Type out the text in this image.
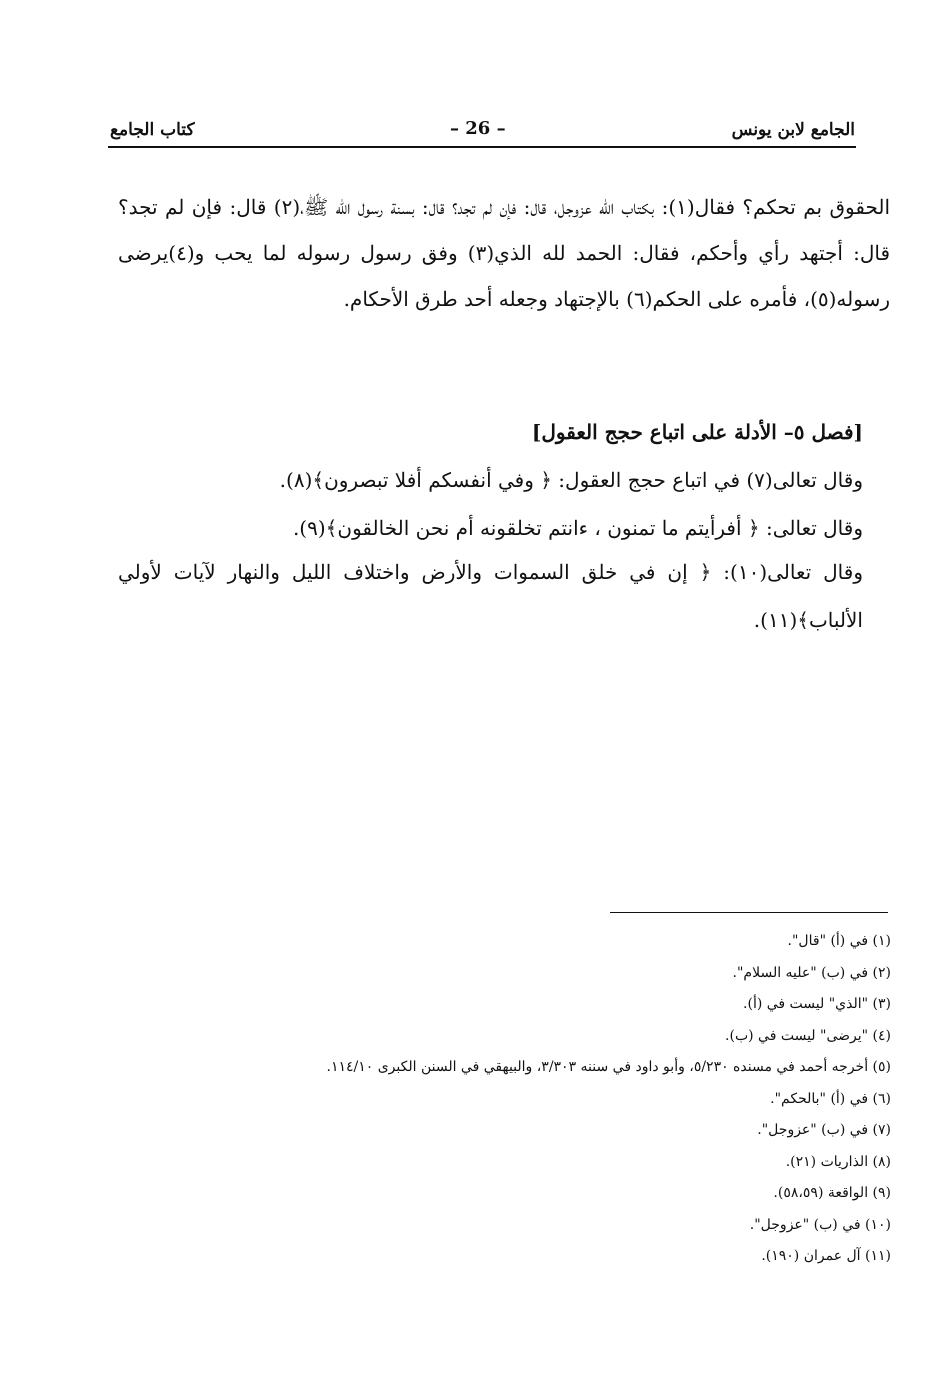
الجامع لابن يونس
– 26 –
كتاب الجامع

الحقوق بم تحكم؟ فقال(١): بكتاب الله عزوجل، قال: فإن لم تجد؟ قال: بسنة رسول الله ﷺ،(٢) قال: فإن لم تجد؟ قال: أجتهد رأي وأحكم، فقال: الحمد لله الذي(٣) وفق رسول رسوله لما يحب و(٤)يرضى رسوله(٥)، فأمره على الحكم(٦) بالإجتهاد وجعله أحد طرق الأحكام.

[فصل ٥– الأدلة على اتباع حجج العقول]
وقال تعالى(٧) في اتباع حجج العقول: ﴿ وفي أنفسكم أفلا تبصرون﴾(٨).
وقال تعالى: ﴿ أفرأيتم ما تمنون ، ءانتم تخلقونه أم نحن الخالقون﴾(٩).
وقال تعالى(١٠): ﴿ إن في خلق السموات والأرض واختلاف الليل والنهار لآيات لأولي الألباب﴾(١١).
(١) في (أ) "قال".
(٢) في (ب) "عليه السلام".
(٣) "الذي" ليست في (أ).
(٤) "يرضى" ليست في (ب).
(٥) أخرجه أحمد في مسنده ٥/٢٣٠، وأبو داود في سننه ٣/٣٠٣، والبيهقي في السنن الكبرى ١١٤/١٠.
(٦) في (أ) "بالحكم".
(٧) في (ب) "عزوجل".
(٨) الذاريات (٢١).
(٩) الواقعة (٥٨،٥٩).
(١٠) في (ب) "عزوجل".
(١١) آل عمران (١٩٠).
